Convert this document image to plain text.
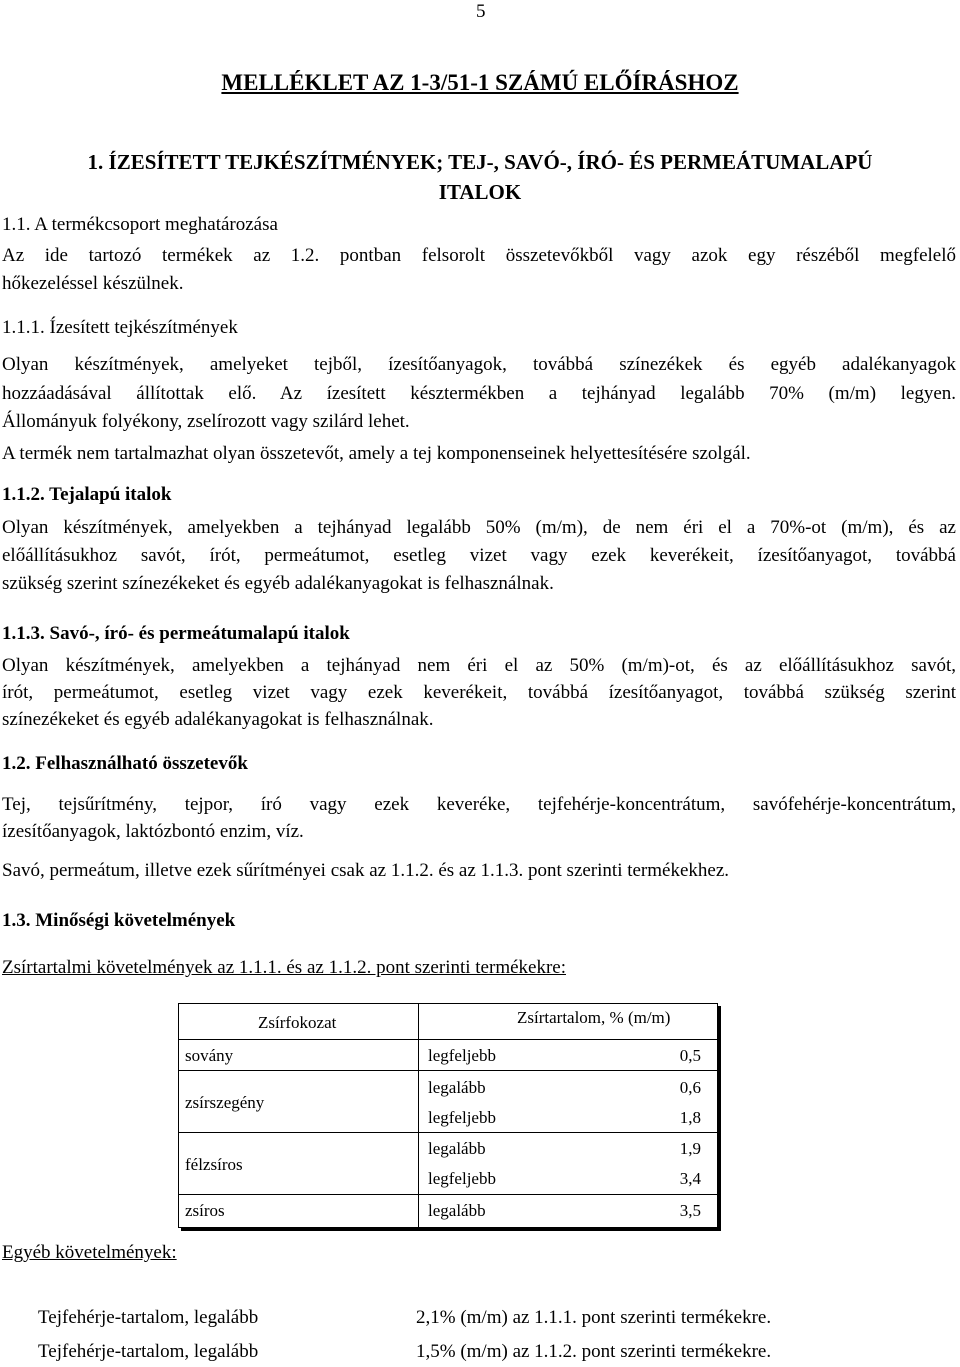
5
MELLÉKLET AZ 1-3/51-1 SZÁMÚ ELŐÍRÁSHOZ
1. ÍZESÍTETT TEJKÉSZÍTMÉNYEK; TEJ-, SAVÓ-, ÍRÓ- ÉS PERMEÁTUMALAPÚ
ITALOK
1.1. A termékcsoport meghatározása
Az ide tartozó termékek az 1.2. pontban felsorolt összetevőkből vagy azok egy részéből megfelelő
hőkezeléssel készülnek.
1.1.1. Ízesített tejkészítmények
Olyan készítmények, amelyeket tejből, ízesítőanyagok, továbbá színezékek és egyéb adalékanyagok
hozzáadásával állítottak elő. Az ízesített késztermékben a tejhányad legalább 70% (m/m) legyen.
Állományuk folyékony, zselírozott vagy szilárd lehet.
A termék nem tartalmazhat olyan összetevőt, amely a tej komponenseinek helyettesítésére szolgál.
1.1.2. Tejalapú italok
Olyan készítmények, amelyekben a tejhányad legalább 50% (m/m), de nem éri el a 70%-ot (m/m), és az
előállításukhoz savót, írót, permeátumot, esetleg vizet vagy ezek keverékeit, ízesítőanyagot, továbbá
szükség szerint színezékeket és egyéb adalékanyagokat is felhasználnak.
1.1.3. Savó-, író- és permeátumalapú italok
Olyan készítmények, amelyekben a tejhányad nem éri el az 50% (m/m)-ot, és az előállításukhoz savót,
írót, permeátumot, esetleg vizet vagy ezek keverékeit, továbbá ízesítőanyagot, továbbá szükség szerint
színezékeket és egyéb adalékanyagokat is felhasználnak.
1.2. Felhasználható összetevők
Tej, tejsűrítmény, tejpor, író vagy ezek keveréke, tejfehérje-koncentrátum, savófehérje-koncentrátum,
ízesítőanyagok, laktózbontó enzim, víz.
Savó, permeátum, illetve ezek sűrítményei csak az 1.1.2. és az 1.1.3. pont szerinti termékekhez.
1.3. Minőségi követelmények
Zsírtartalmi követelmények az 1.1.1. és az 1.1.2. pont szerinti termékekre:
Zsírfokozat	Zsírtartalom, % (m/m)
sovány	legfeljebb	0,5
zsírszegény
legalább	0,6
legfeljebb	1,8
félzsíros
legalább	1,9
legfeljebb	3,4
zsíros	legalább	3,5
Egyéb követelmények:
Tejfehérje-tartalom, legalább	2,1% (m/m) az 1.1.1. pont szerinti termékekre.
Tejfehérje-tartalom, legalább	1,5% (m/m) az 1.1.2. pont szerinti termékekre.
